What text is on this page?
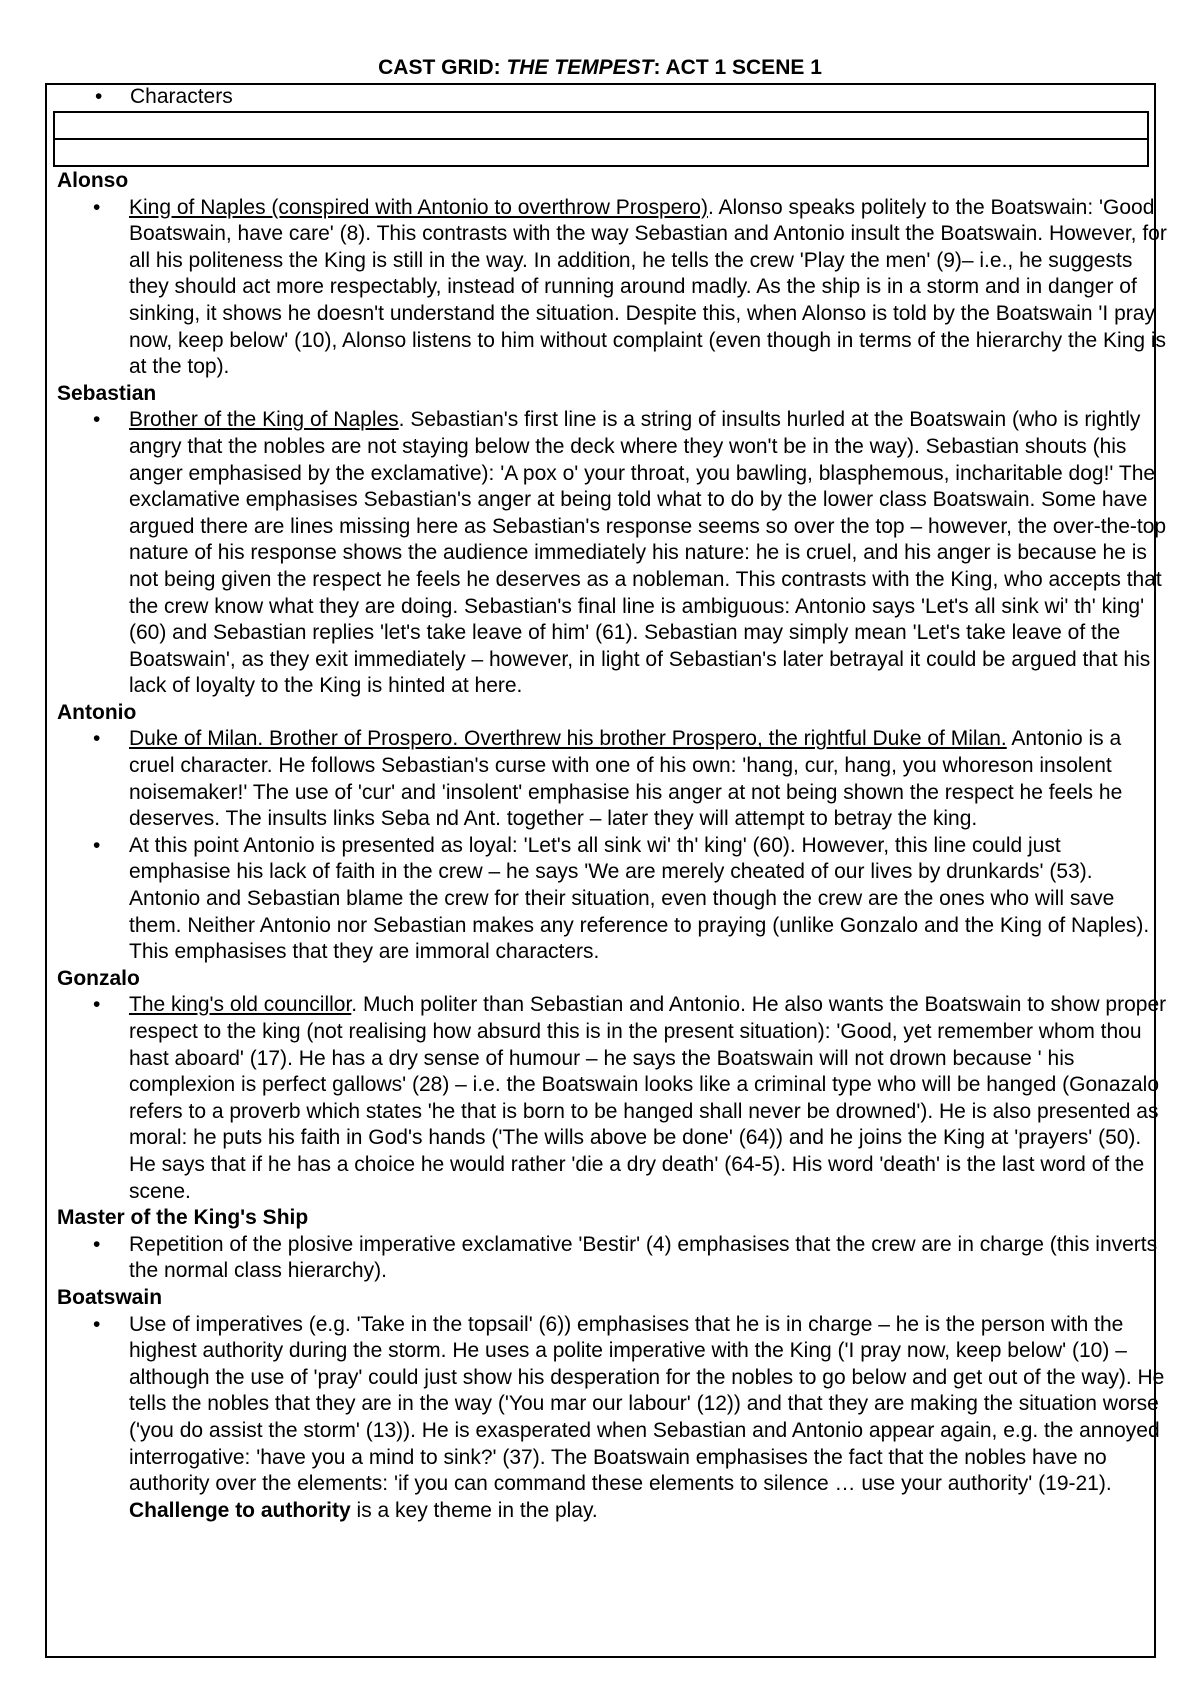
CAST GRID: THE TEMPEST: ACT 1 SCENE 1
• Characters
Alonso

• King of Naples (conspired with Antonio to overthrow Prospero). Alonso speaks politely to the Boatswain: 'Good Boatswain, have care' (8). This contrasts with the way Sebastian and Antonio insult the Boatswain. However, for all his politeness the King is still in the way. In addition, he tells the crew 'Play the men' (9)– i.e., he suggests they should act more respectably, instead of running around madly. As the ship is in a storm and in danger of sinking, it shows he doesn't understand the situation. Despite this, when Alonso is told by the Boatswain 'I pray now, keep below' (10), Alonso listens to him without complaint (even though in terms of the hierarchy the King is at the top).

Sebastian

• Brother of the King of Naples. Sebastian's first line is a string of insults hurled at the Boatswain (who is rightly angry that the nobles are not staying below the deck where they won't be in the way). Sebastian shouts (his anger emphasised by the exclamative): 'A pox o' your throat, you bawling, blasphemous, incharitable dog!' The exclamative emphasises Sebastian's anger at being told what to do by the lower class Boatswain. Some have argued there are lines missing here as Sebastian's response seems so over the top – however, the over-the-top nature of his response shows the audience immediately his nature: he is cruel, and his anger is because he is not being given the respect he feels he deserves as a nobleman. This contrasts with the King, who accepts that the crew know what they are doing. Sebastian's final line is ambiguous: Antonio says 'Let's all sink wi' th' king' (60) and Sebastian replies 'let's take leave of him' (61). Sebastian may simply mean 'Let's take leave of the Boatswain', as they exit immediately – however, in light of Sebastian's later betrayal it could be argued that his lack of loyalty to the King is hinted at here.

Antonio

• Duke of Milan. Brother of Prospero. Overthrew his brother Prospero, the rightful Duke of Milan. Antonio is a cruel character. He follows Sebastian's curse with one of his own: 'hang, cur, hang, you whoreson insolent noisemaker!' The use of 'cur' and 'insolent' emphasise his anger at not being shown the respect he feels he deserves. The insults links Seba nd Ant. together – later they will attempt to betray the king.

• At this point Antonio is presented as loyal: 'Let's all sink wi' th' king' (60). However, this line could just emphasise his lack of faith in the crew – he says 'We are merely cheated of our lives by drunkards' (53). Antonio and Sebastian blame the crew for their situation, even though the crew are the ones who will save them. Neither Antonio nor Sebastian makes any reference to praying (unlike Gonzalo and the King of Naples). This emphasises that they are immoral characters.

Gonzalo

• The king's old councillor. Much politer than Sebastian and Antonio. He also wants the Boatswain to show proper respect to the king (not realising how absurd this is in the present situation): 'Good, yet remember whom thou hast aboard' (17). He has a dry sense of humour – he says the Boatswain will not drown because ' his complexion is perfect gallows' (28) – i.e. the Boatswain looks like a criminal type who will be hanged (Gonazalo refers to a proverb which states 'he that is born to be hanged shall never be drowned'). He is also presented as moral: he puts his faith in God's hands ('The wills above be done' (64)) and he joins the King at 'prayers' (50). He says that if he has a choice he would rather 'die a dry death' (64-5). His word 'death' is the last word of the scene.

Master of the King's Ship

• Repetition of the plosive imperative exclamative 'Bestir' (4) emphasises that the crew are in charge (this inverts the normal class hierarchy).

Boatswain

• Use of imperatives (e.g. 'Take in the topsail' (6)) emphasises that he is in charge – he is the person with the highest authority during the storm. He uses a polite imperative with the King ('I pray now, keep below' (10) – although the use of 'pray' could just show his desperation for the nobles to go below and get out of the way). He tells the nobles that they are in the way ('You mar our labour' (12)) and that they are making the situation worse ('you do assist the storm' (13)). He is exasperated when Sebastian and Antonio appear again, e.g. the annoyed interrogative: 'have you a mind to sink?' (37). The Boatswain emphasises the fact that the nobles have no authority over the elements: 'if you can command these elements to silence … use your authority' (19-21). Challenge to authority is a key theme in the play.
